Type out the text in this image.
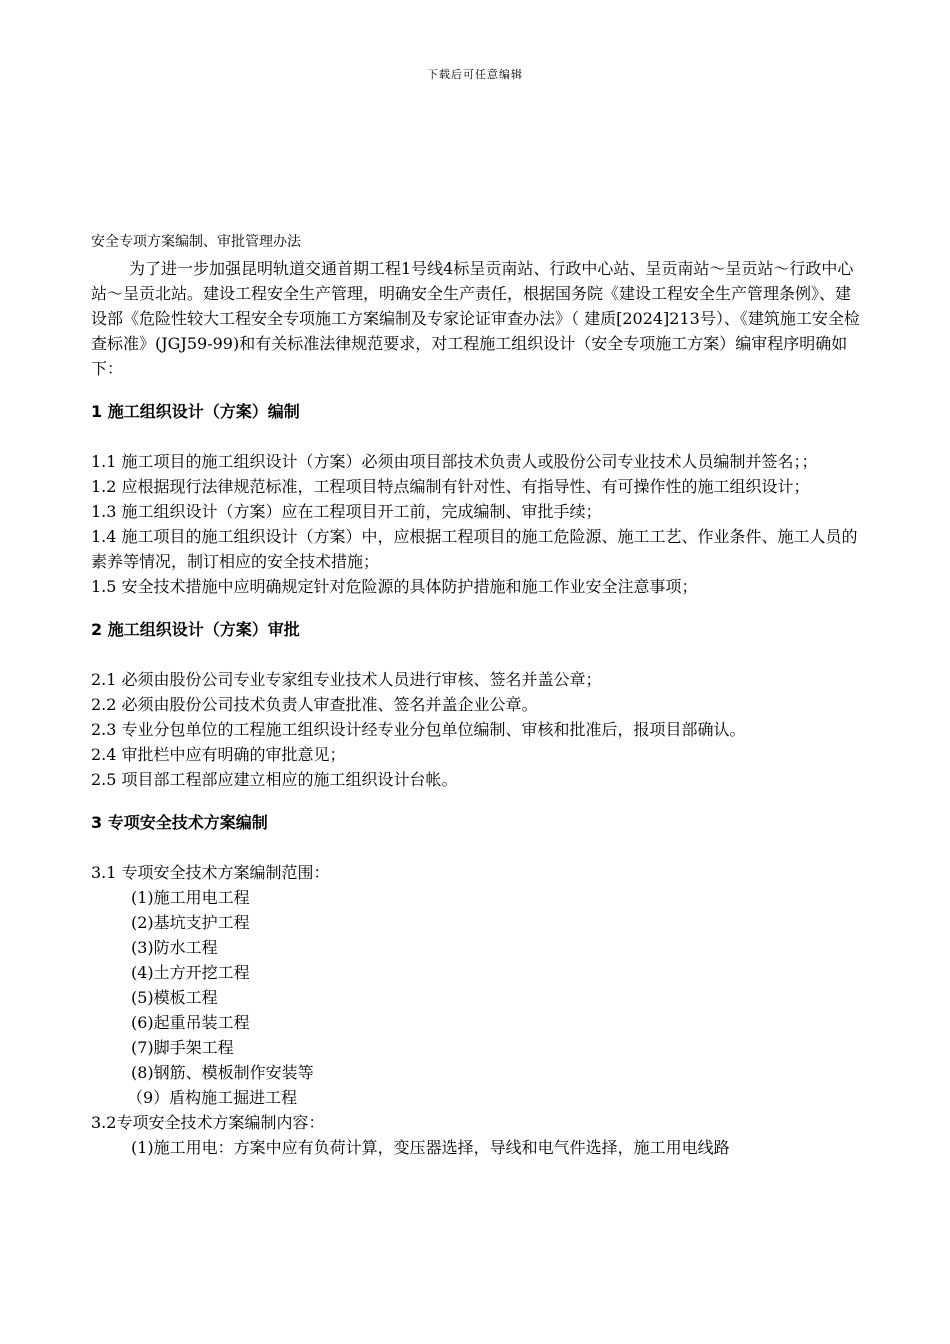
下载后可任意编辑
安全专项方案编制、审批管理办法

为了进一步加强昆明轨道交通首期工程1号线4标呈贡南站、行政中心站、呈贡南站～呈贡站～行政中心站～呈贡北站。建设工程安全生产管理，明确安全生产责任，根据国务院《建设工程安全生产管理条例》、建设部《危险性较大工程安全专项施工方案编制及专家论证审查办法》（ 建质[2024]213号）、《建筑施工安全检查标准》(JGJ59-99)和有关标准法律规范要求，对工程施工组织设计（安全专项施工方案）编审程序明确如下：

1 施工组织设计（方案）编制

1.1 施工项目的施工组织设计（方案）必须由项目部技术负责人或股份公司专业技术人员编制并签名；；

1.2 应根据现行法律规范标准，工程项目特点编制有针对性、有指导性、有可操作性的施工组织设计；

1.3 施工组织设计（方案）应在工程项目开工前，完成编制、审批手续；

1.4 施工项目的施工组织设计（方案）中，应根据工程项目的施工危险源、施工工艺、作业条件、施工人员的素养等情况，制订相应的安全技术措施；

1.5 安全技术措施中应明确规定针对危险源的具体防护措施和施工作业安全注意事项；

2 施工组织设计（方案）审批

2.1 必须由股份公司专业专家组专业技术人员进行审核、签名并盖公章；

2.2 必须由股份公司技术负责人审查批准、签名并盖企业公章。

2.3 专业分包单位的工程施工组织设计经专业分包单位编制、审核和批准后，报项目部确认。

2.4 审批栏中应有明确的审批意见；

2.5 项目部工程部应建立相应的施工组织设计台帐。

3 专项安全技术方案编制

3.1 专项安全技术方案编制范围：

(1)施工用电工程

(2)基坑支护工程

(3)防水工程

(4)土方开挖工程

(5)模板工程

(6)起重吊装工程

(7)脚手架工程

(8)钢筋、模板制作安装等

（9）盾构施工掘进工程

3.2专项安全技术方案编制内容：

(1)施工用电：方案中应有负荷计算，变压器选择，导线和电气件选择，施工用电线路
